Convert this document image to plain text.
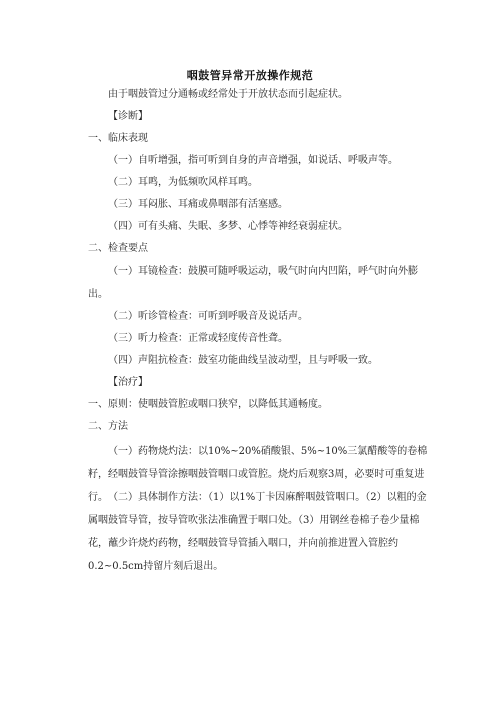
咽鼓管异常开放操作规范
由于咽鼓管过分通畅或经常处于开放状态而引起症状。
【诊断】
一、临床表现
（一）自听增强，指可听到自身的声音增强，如说话、呼吸声等。
（二）耳鸣，为低频吹风样耳鸣。
（三）耳闷胀、耳痛或鼻咽部有活塞感。
（四）可有头痛、失眠、多梦、心悸等神经衰弱症状。
二、检查要点
（一）耳镜检查：鼓膜可随呼吸运动，吸气时向内凹陷，呼气时向外膨出。
（二）听诊管检查：可听到呼吸音及说话声。
（三）听力检查：正常或轻度传音性聋。
（四）声阻抗检查：鼓室功能曲线呈波动型，且与呼吸一致。
【治疗】
一、原则：使咽鼓管腔或咽口狭窄，以降低其通畅度。
二、方法
（一）药物烧灼法：以10%~20%硝酸银、5%~10%三氯醋酸等的卷棉籽，经咽鼓管导管涂擦咽鼓管咽口或管腔。烧灼后观察3周，必要时可重复进行。 （二）具体制作方法：（1）以1%丁卡因麻醉咽鼓管咽口。（2）以粗的金属咽鼓管导管，按导管吹张法准确置于咽口处。（3）用钢丝卷棉子卷少量棉花，蘸少许烧灼药物，经咽鼓管导管插入咽口，并向前推进置入管腔约0.2~0.5cm持留片刻后退出。
